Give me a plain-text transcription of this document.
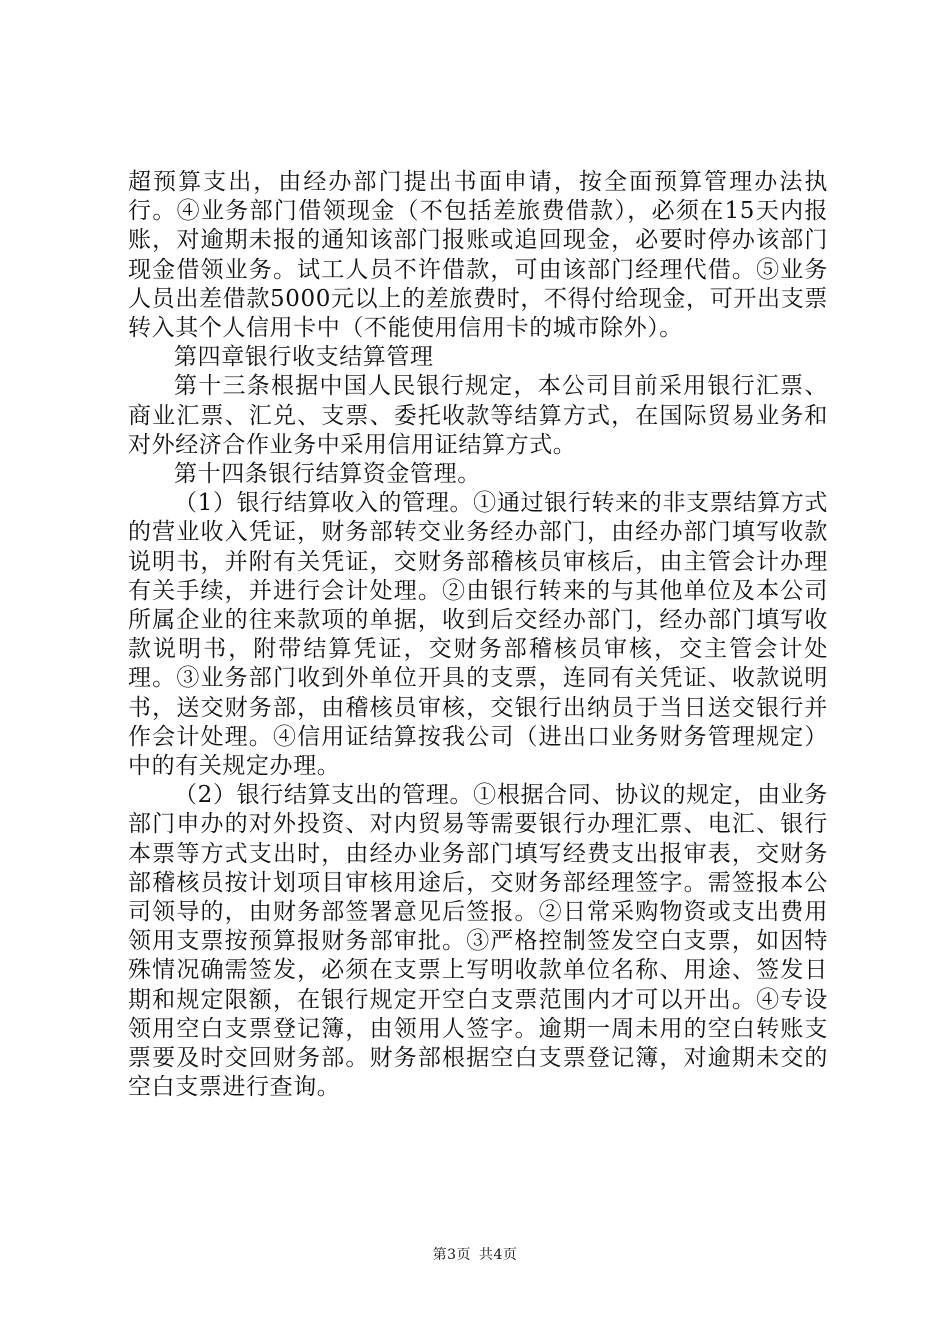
超预算支出，由经办部门提出书面申请，按全面预算管理办法执行。④业务部门借领现金（不包括差旅费借款），必须在15天内报账，对逾期未报的通知该部门报账或追回现金，必要时停办该部门现金借领业务。试工人员不许借款，可由该部门经理代借。⑤业务人员出差借款5000元以上的差旅费时，不得付给现金，可开出支票转入其个人信用卡中（不能使用信用卡的城市除外）。

第四章银行收支结算管理

第十三条根据中国人民银行规定，本公司目前采用银行汇票、商业汇票、汇兑、支票、委托收款等结算方式，在国际贸易业务和对外经济合作业务中采用信用证结算方式。

第十四条银行结算资金管理。

（1）银行结算收入的管理。①通过银行转来的非支票结算方式的营业收入凭证，财务部转交业务经办部门，由经办部门填写收款说明书，并附有关凭证，交财务部稽核员审核后，由主管会计办理有关手续，并进行会计处理。②由银行转来的与其他单位及本公司所属企业的往来款项的单据，收到后交经办部门，经办部门填写收款说明书，附带结算凭证，交财务部稽核员审核，交主管会计处理。③业务部门收到外单位开具的支票，连同有关凭证、收款说明书，送交财务部，由稽核员审核，交银行出纳员于当日送交银行并作会计处理。④信用证结算按我公司（进出口业务财务管理规定）中的有关规定办理。

（2）银行结算支出的管理。①根据合同、协议的规定，由业务部门申办的对外投资、对内贸易等需要银行办理汇票、电汇、银行本票等方式支出时，由经办业务部门填写经费支出报审表，交财务部稽核员按计划项目审核用途后，交财务部经理签字。需签报本公司领导的，由财务部签署意见后签报。②日常采购物资或支出费用领用支票按预算报财务部审批。③严格控制签发空白支票，如因特殊情况确需签发，必须在支票上写明收款单位名称、用途、签发日期和规定限额，在银行规定开空白支票范围内才可以开出。④专设领用空白支票登记簿，由领用人签字。逾期一周未用的空白转账支票要及时交回财务部。财务部根据空白支票登记簿，对逾期未交的空白支票进行查询。

第3页 共4页
